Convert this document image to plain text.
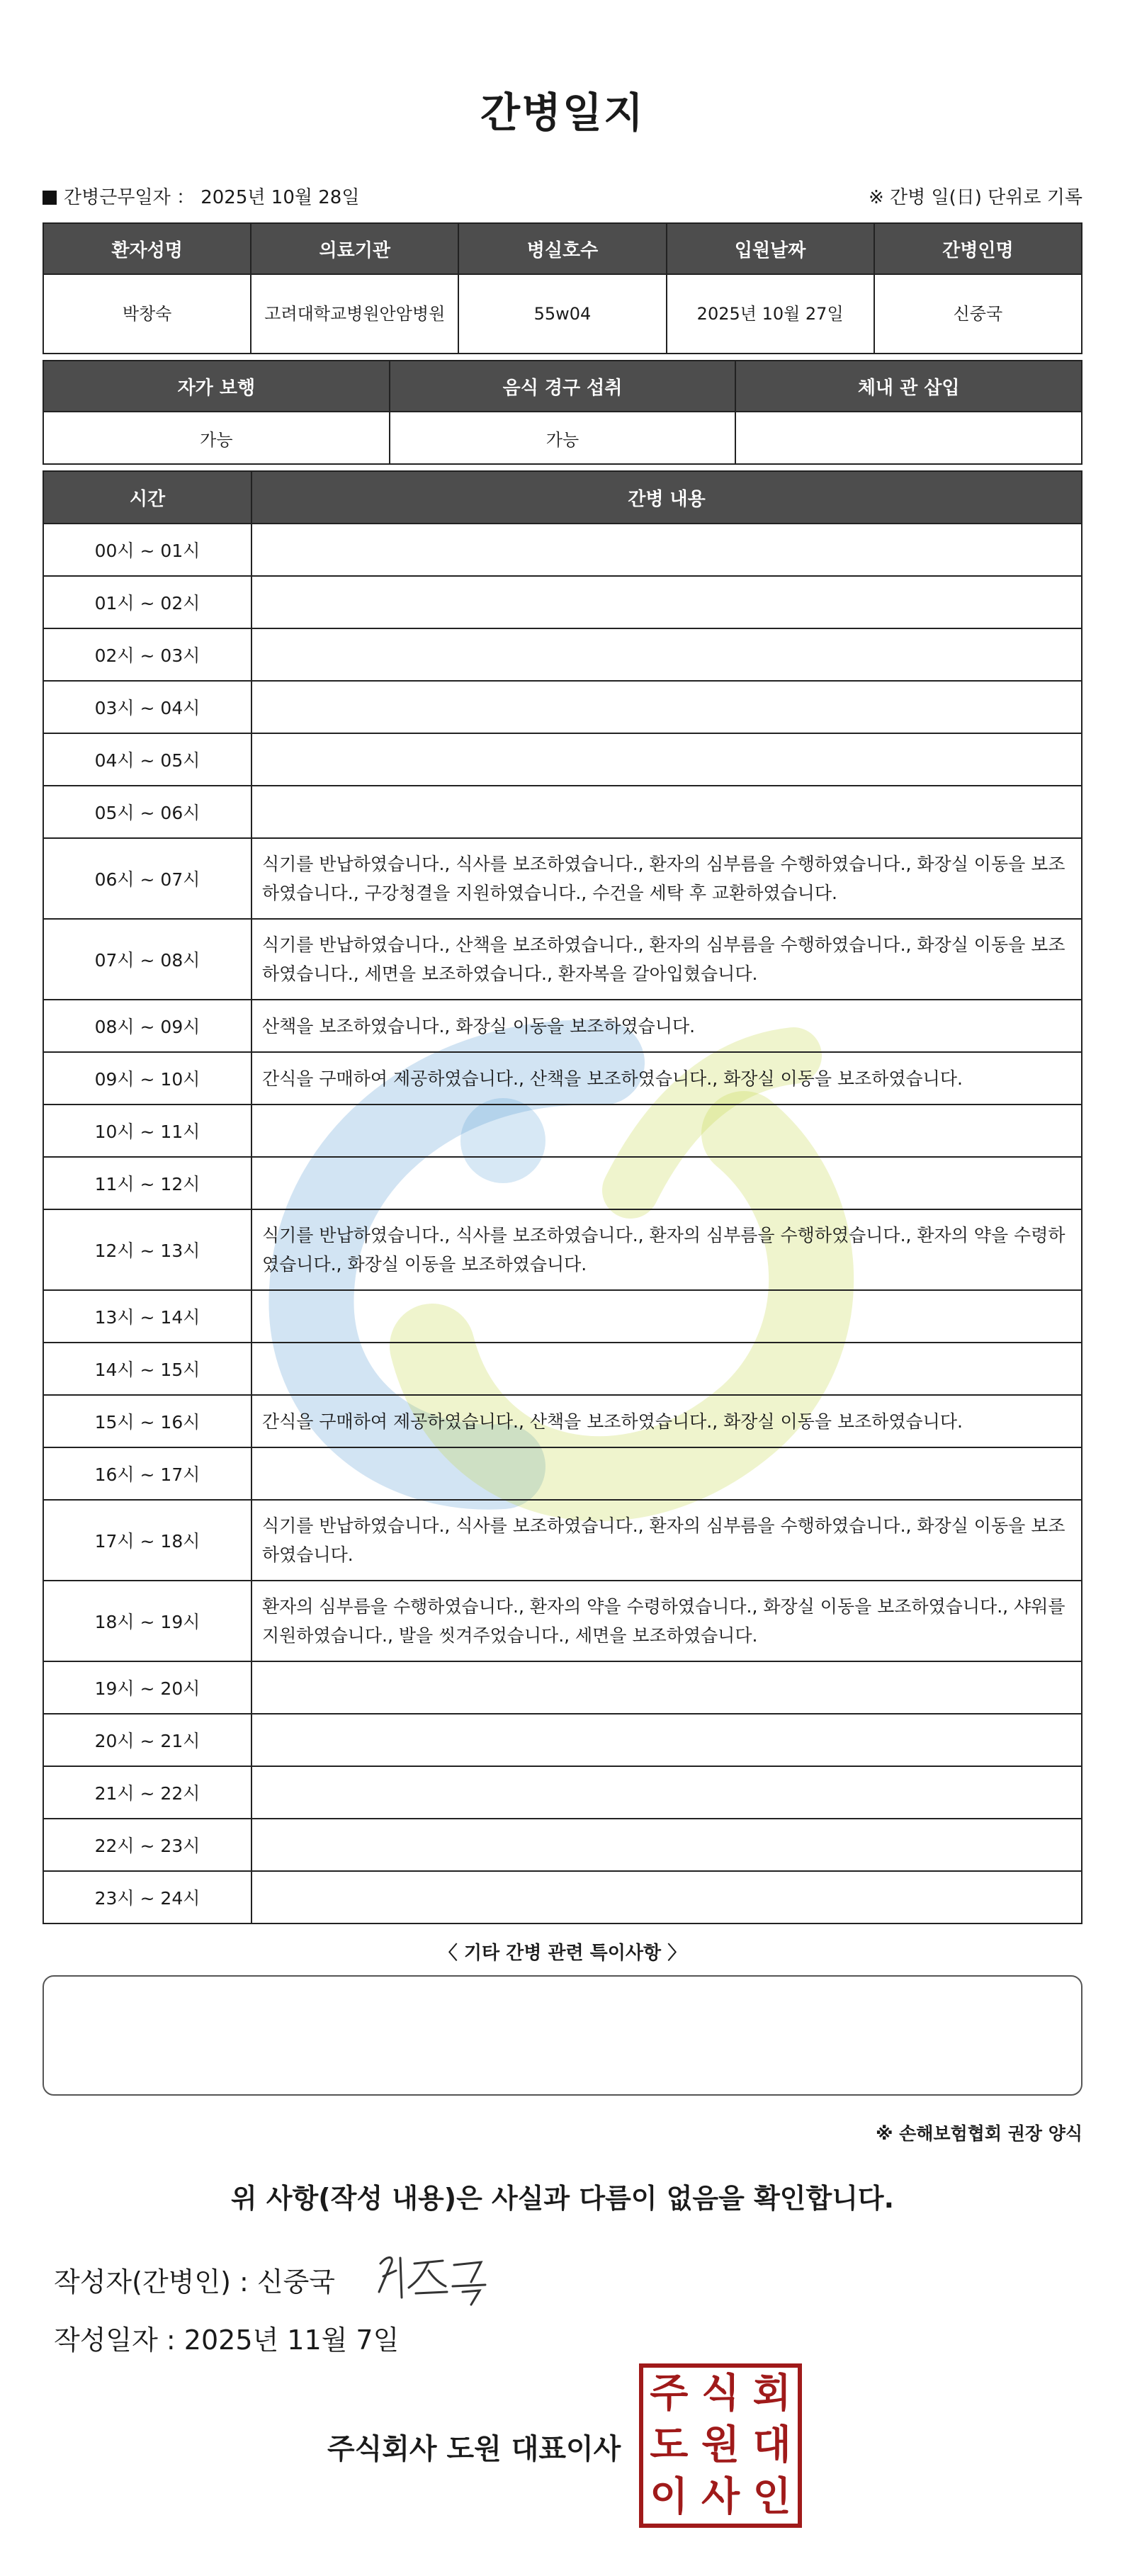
간병일지
간병근무일자 ： 2025년 10월 28일	※ 간병 일(日) 단위로 기록
환자성명	의료기관	병실호수	입원날짜	간병인명
박창숙	고려대학교병원안암병원	55w04	2025년 10월 27일	신중국
자가 보행	음식 경구 섭취	체내 관 삽입
가능	가능	
시간	간병 내용
00시 ~ 01시	
01시 ~ 02시	
02시 ~ 03시	
03시 ~ 04시	
04시 ~ 05시	
05시 ~ 06시	
06시 ~ 07시	식기를 반납하였습니다., 식사를 보조하였습니다., 환자의 심부름을 수행하였습니다., 화장실 이동을 보조하였습니다., 구강청결을 지원하였습니다., 수건을 세탁 후 교환하였습니다.
07시 ~ 08시	식기를 반납하였습니다., 산책을 보조하였습니다., 환자의 심부름을 수행하였습니다., 화장실 이동을 보조하였습니다., 세면을 보조하였습니다., 환자복을 갈아입혔습니다.
08시 ~ 09시	산책을 보조하였습니다., 화장실 이동을 보조하였습니다.
09시 ~ 10시	간식을 구매하여 제공하였습니다., 산책을 보조하였습니다., 화장실 이동을 보조하였습니다.
10시 ~ 11시	
11시 ~ 12시	
12시 ~ 13시	식기를 반납하였습니다., 식사를 보조하였습니다., 환자의 심부름을 수행하였습니다., 환자의 약을 수령하였습니다., 화장실 이동을 보조하였습니다.
13시 ~ 14시	
14시 ~ 15시	
15시 ~ 16시	간식을 구매하여 제공하였습니다., 산책을 보조하였습니다., 화장실 이동을 보조하였습니다.
16시 ~ 17시	
17시 ~ 18시	식기를 반납하였습니다., 식사를 보조하였습니다., 환자의 심부름을 수행하였습니다., 화장실 이동을 보조하였습니다.
18시 ~ 19시	환자의 심부름을 수행하였습니다., 환자의 약을 수령하였습니다., 화장실 이동을 보조하였습니다., 샤워를 지원하였습니다., 발을 씻겨주었습니다., 세면을 보조하였습니다.
19시 ~ 20시	
20시 ~ 21시	
21시 ~ 22시	
22시 ~ 23시	
23시 ~ 24시	
〈 기타 간병 관련 특이사항 〉
※ 손해보험협회 권장 양식
위 사항(작성 내용)은 사실과 다름이 없음을 확인합니다.
작성자(간병인) : 신중국
작성일자 : 2025년 11월 7일
주식회사 도원 대표이사
주 식 회
도 원 대
이 사 인
